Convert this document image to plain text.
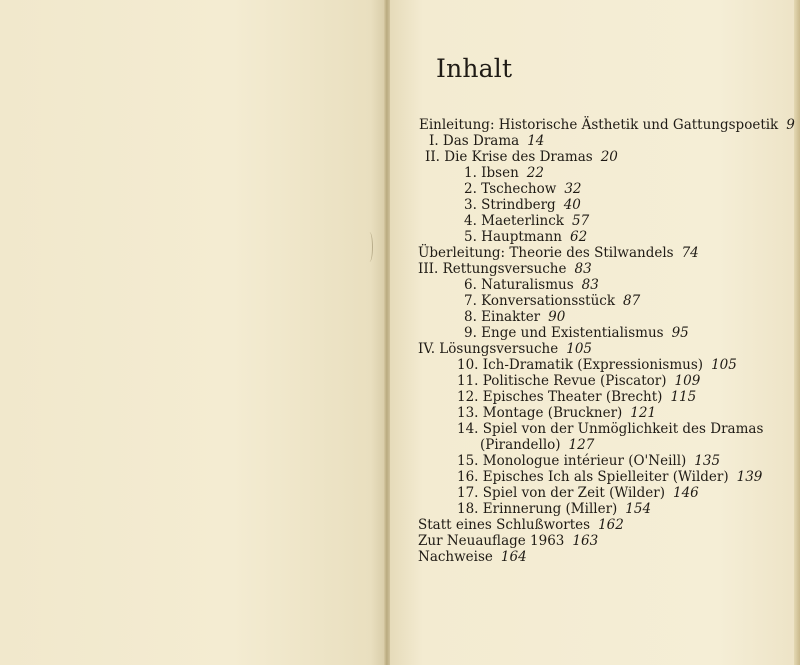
Inhalt
Einleitung: Historische Ästhetik und Gattungspoetik 9
I. Das Drama 14
II. Die Krise des Dramas 20
1. Ibsen 22
2. Tschechow 32
3. Strindberg 40
4. Maeterlinck 57
5. Hauptmann 62
Überleitung: Theorie des Stilwandels 74
III. Rettungsversuche 83
6. Naturalismus 83
7. Konversationsstück 87
8. Einakter 90
9. Enge und Existentialismus 95
IV. Lösungsversuche 105
10. Ich-Dramatik (Expressionismus) 105
11. Politische Revue (Piscator) 109
12. Episches Theater (Brecht) 115
13. Montage (Bruckner) 121
14. Spiel von der Unmöglichkeit des Dramas
(Pirandello) 127
15. Monologue intérieur (O'Neill) 135
16. Episches Ich als Spielleiter (Wilder) 139
17. Spiel von der Zeit (Wilder) 146
18. Erinnerung (Miller) 154
Statt eines Schlußwortes 162
Zur Neuauflage 1963 163
Nachweise 164
